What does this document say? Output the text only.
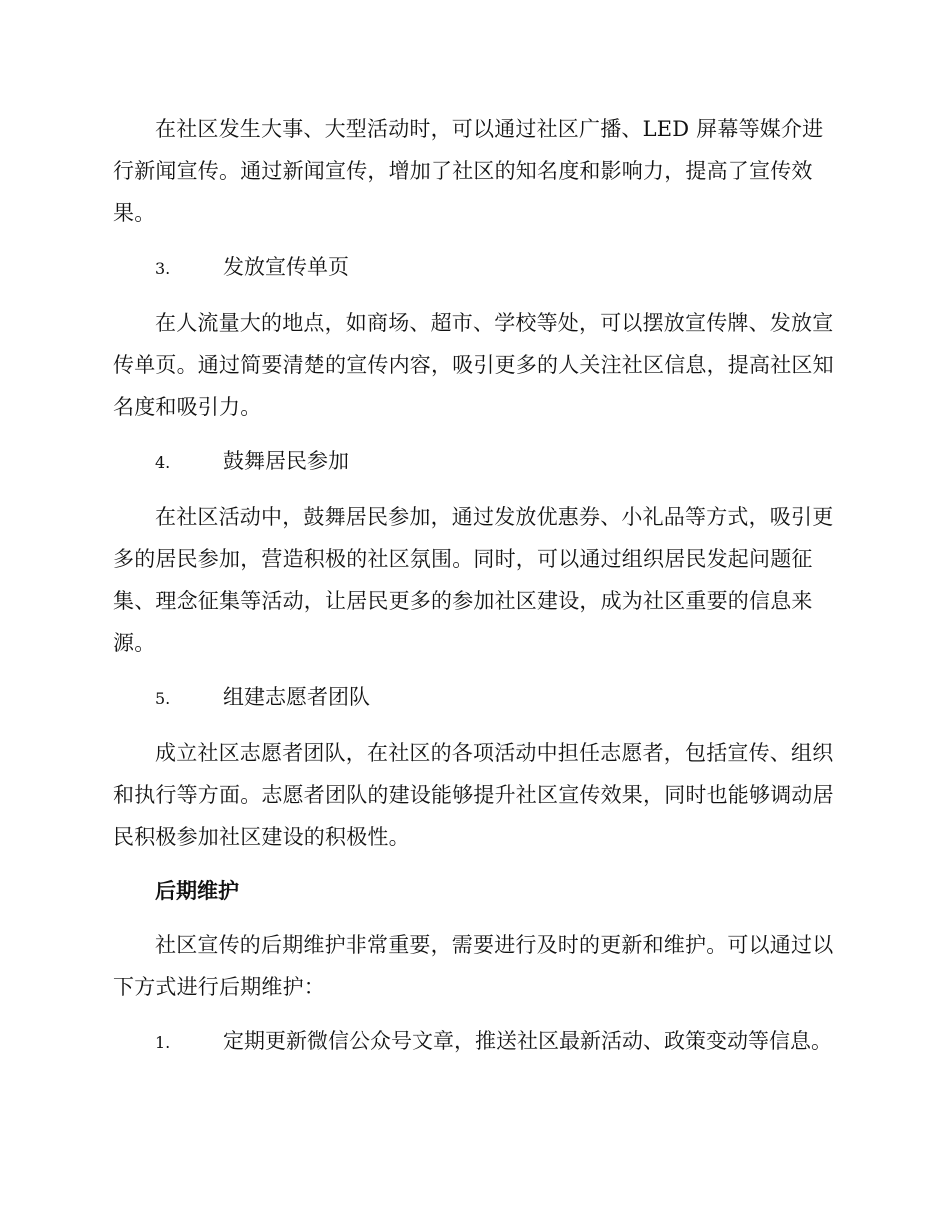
在社区发生大事、大型活动时，可以通过社区广播、LED 屏幕等媒介进行新闻宣传。通过新闻宣传，增加了社区的知名度和影响力，提高了宣传效果。

3.	发放宣传单页

在人流量大的地点，如商场、超市、学校等处，可以摆放宣传牌、发放宣传单页。通过简要清楚的宣传内容，吸引更多的人关注社区信息，提高社区知名度和吸引力。

4.	鼓舞居民参加

在社区活动中，鼓舞居民参加，通过发放优惠券、小礼品等方式，吸引更多的居民参加，营造积极的社区氛围。同时，可以通过组织居民发起问题征集、理念征集等活动，让居民更多的参加社区建设，成为社区重要的信息来源。

5.	组建志愿者团队

成立社区志愿者团队，在社区的各项活动中担任志愿者，包括宣传、组织和执行等方面。志愿者团队的建设能够提升社区宣传效果，同时也能够调动居民积极参加社区建设的积极性。

后期维护

社区宣传的后期维护非常重要，需要进行及时的更新和维护。可以通过以下方式进行后期维护：

1.	定期更新微信公众号文章，推送社区最新活动、政策变动等信息。
